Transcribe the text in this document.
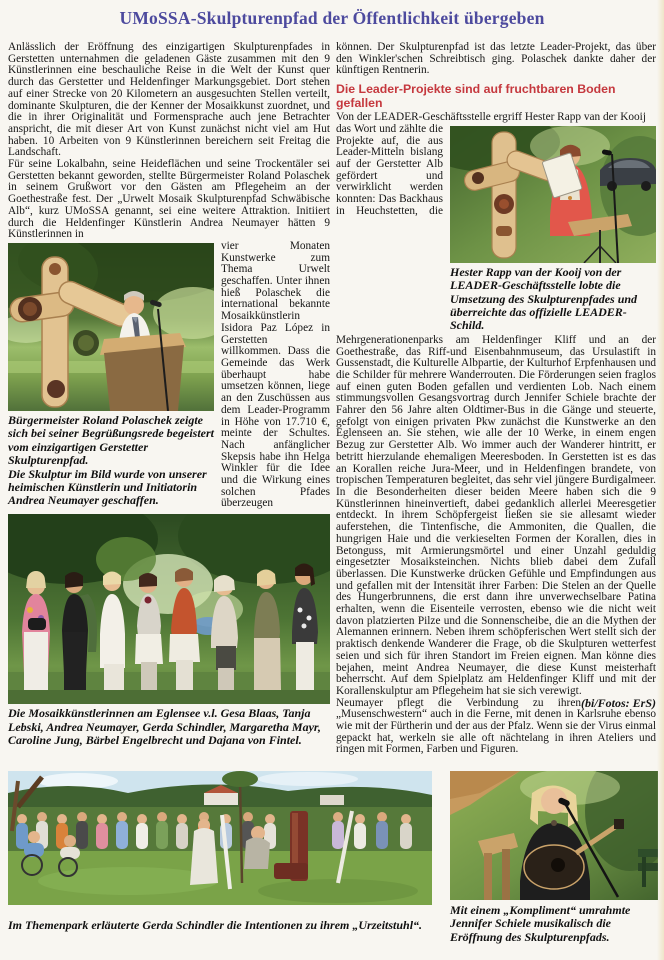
UMoSSA-Skulpturenpfad der Öffentlichkeit übergeben

Anlässlich der Eröffnung des einzigartigen Skulpturenpfades in Gerstetten unternahmen die geladenen Gäste zusammen mit den 9 Künstlerinnen eine beschauliche Reise in die Welt der Kunst quer durch das Gerstetter und Heldenfinger Markungsgebiet. Dort stehen auf einer Strecke von 20 Kilometern an ausgesuchten Stellen verteilt, dominante Skulpturen, die der Kenner der Mosaikkunst zuordnet, und die in ihrer Originalität und Formensprache auch jene Betrachter anspricht, die mit dieser Art von Kunst zunächst nicht viel am Hut haben. 10 Arbeiten von 9 Künstlerinnen bereichern seit Freitag die Landschaft.

Für seine Lokalbahn, seine Heideflächen und seine Trockentäler sei Gerstetten bekannt geworden, stellte Bürgermeister Roland Polaschek in seinem Grußwort vor den Gästen am Pflegeheim an der Goethestraße fest. Der „Urwelt Mosaik Skulpturenpfad Schwäbische Alb“, kurz UMoSSA genannt, sei eine weitere Attraktion. Initiiert durch die Heldenfinger Künstlerin Andrea Neumayer hätten 9 Künstlerinnen in

Bürgermeister Roland Polaschek zeigte sich bei seiner Begrüßungsrede begeistert vom einzigartigen Gerstetter Skulpturenpfad.
Die Skulptur im Bild wurde von unserer heimischen Künstlerin und Initiatorin Andrea Neumayer geschaffen.
vier Monaten Kunstwerke zum Thema Urwelt geschaffen. Unter ihnen hieß Polaschek die international bekannte Mosaikkünstlerin Isidora Paz López in Gerstetten willkommen. Dass die Gemeinde das Werk überhaupt habe umsetzen können, liege an den Zuschüssen aus dem Leader-Programm in Höhe von 17.710 €, meinte der Schultes. Nach anfänglicher Skepsis habe ihn Helga Winkler für die Idee und die Wirkung eines solchen Pfades überzeugen

Die Mosaikkünstlerinnen am Eglensee v.l. Gesa Blaas, Tanja Lebski, Andrea Neumayer, Gerda Schindler, Margaretha Mayr, Caroline Jung, Bärbel Engelbrecht und Dajana von Fintel.

können. Der Skulpturenpfad ist das letzte Leader-Projekt, das über den Winkler'schen Schreibtisch ging. Polaschek dankte daher der künftigen Rentnerin.

Die Leader-Projekte sind auf fruchtbaren Boden gefallen

Von der LEADER-Geschäftsstelle ergriff Hester Rapp van der Kooij

Hester Rapp van der Kooij von der LEADER-Geschäftsstelle lobte die Umsetzung des Skulpturenpfades und überreichte das offizielle LEADER-Schild.
das Wort und zählte die Projekte auf, die aus Leader-Mitteln bislang auf der Gerstetter Alb gefördert und verwirklicht werden konnten: Das Backhaus in Heuchstetten, die Mehrgenerationenparks am Heldenfinger Kliff und an der Goethestraße, das Riff-und Eisenbahnmuseum, das Ursulastift in Gussenstadt, die Kulturelle Albpartie, der Kulturhof Erpfenhausen und die Schilder für mehrere Wanderrouten. Die Förderungen seien fraglos auf einen guten Boden gefallen und verdienten Lob. Nach einem stimmungsvollen Gesangsvortrag durch Jennifer Schiele brachte der Fahrer den 56 Jahre alten Oldtimer-Bus in die Gänge und steuerte, gefolgt von einigen privaten Pkw zunächst die Kunstwerke an den Eglenseen an. Sie stehen, wie alle der 10 Werke, in einem engen Bezug zur Gerstetter Alb. Wo immer auch der Wanderer hintritt, er betritt hierzulande ehemaligen Meeresboden. In Gerstetten ist es das an Korallen reiche Jura-Meer, und in Heldenfingen brandete, von tropischen Temperaturen begleitet, das sehr viel jüngere Burdigalmeer. In die Besonderheiten dieser beiden Meere haben sich die 9 Künstlerinnen hineinvertieft, dabei gedanklich allerlei Meeresgetier entdeckt. In ihrem Schöpfergeist ließen sie sie allesamt wieder auferstehen, die Tintenfische, die Ammoniten, die Quallen, die hungrigen Haie und die verkieselten Formen der Korallen, dies in Betonguss, mit Armierungsmörtel und einer Unzahl geduldig eingesetzter Mosaiksteinchen. Nichts blieb dabei dem Zufall überlassen. Die Kunstwerke drücken Gefühle und Empfindungen aus und gefallen mit der Intensität ihrer Farben: Die Stelen an der Quelle des Hungerbrunnens, die erst dann ihre unverwechselbare Patina erhalten, wenn die Eisenteile verrosten, ebenso wie die nicht weit davon platzierten Pilze und die Sonnenscheibe, die an die Mythen der Alemannen erinnern. Neben ihrem schöpferischen Wert stellt sich der praktisch denkende Wanderer die Frage, ob die Skulpturen wetterfest seien und sich für ihren Standort im Freien eignen. Man könne dies bejahen, meint Andrea Neumayer, die diese Kunst meisterhaft beherrscht. Auf dem Spielplatz am Heldenfinger Kliff und mit der Korallenskulptur am Pflegeheim hat sie sich verewigt.

(bi/Fotos: ErS)
Neumayer pflegt die Verbindung zu ihren „Musenschwestern“ auch in die Ferne, mit denen in Karlsruhe ebenso wie mit der Fürtherin und der aus der Pfalz. Wenn sie der Virus einmal gepackt hat, werkeln sie alle oft nächtelang in ihren Ateliers und ringen mit Formen, Farben und Figuren.

Im Themenpark erläuterte Gerda Schindler die Intentionen zu ihrem „Urzeitstuhl“.
Mit einem „Kompliment“ umrahmte Jennifer Schiele musikalisch die Eröffnung des Skulpturenpfads.
